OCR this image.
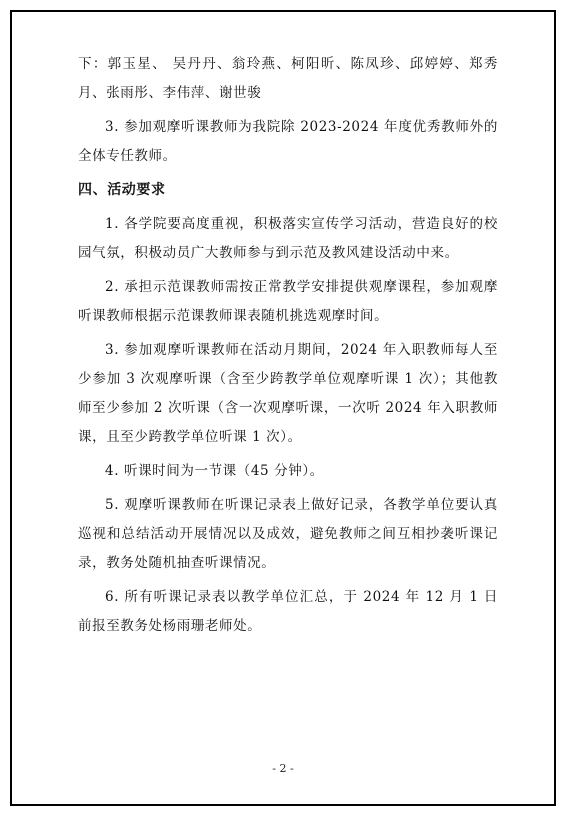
下：郭玉星、 吴丹丹、翁玲燕、柯阳昕、陈凤珍、邱婷婷、郑秀月、张雨彤、李伟萍、谢世骏

3. 参加观摩听课教师为我院除 2023-2024 年度优秀教师外的全体专任教师。

四、活动要求

1. 各学院要高度重视，积极落实宣传学习活动，营造良好的校园气氛，积极动员广大教师参与到示范及教风建设活动中来。

2. 承担示范课教师需按正常教学安排提供观摩课程，参加观摩听课教师根据示范课教师课表随机挑选观摩时间。

3. 参加观摩听课教师在活动月期间，2024 年入职教师每人至少参加 3 次观摩听课（含至少跨教学单位观摩听课 1 次）；其他教师至少参加 2 次听课（含一次观摩听课，一次听 2024 年入职教师课，且至少跨教学单位听课 1 次）。

4. 听课时间为一节课（45 分钟）。

5. 观摩听课教师在听课记录表上做好记录，各教学单位要认真巡视和总结活动开展情况以及成效，避免教师之间互相抄袭听课记录，教务处随机抽查听课情况。

6. 所有听课记录表以教学单位汇总，于 2024 年 12 月 1 日前报至教务处杨雨珊老师处。

- 2 -
